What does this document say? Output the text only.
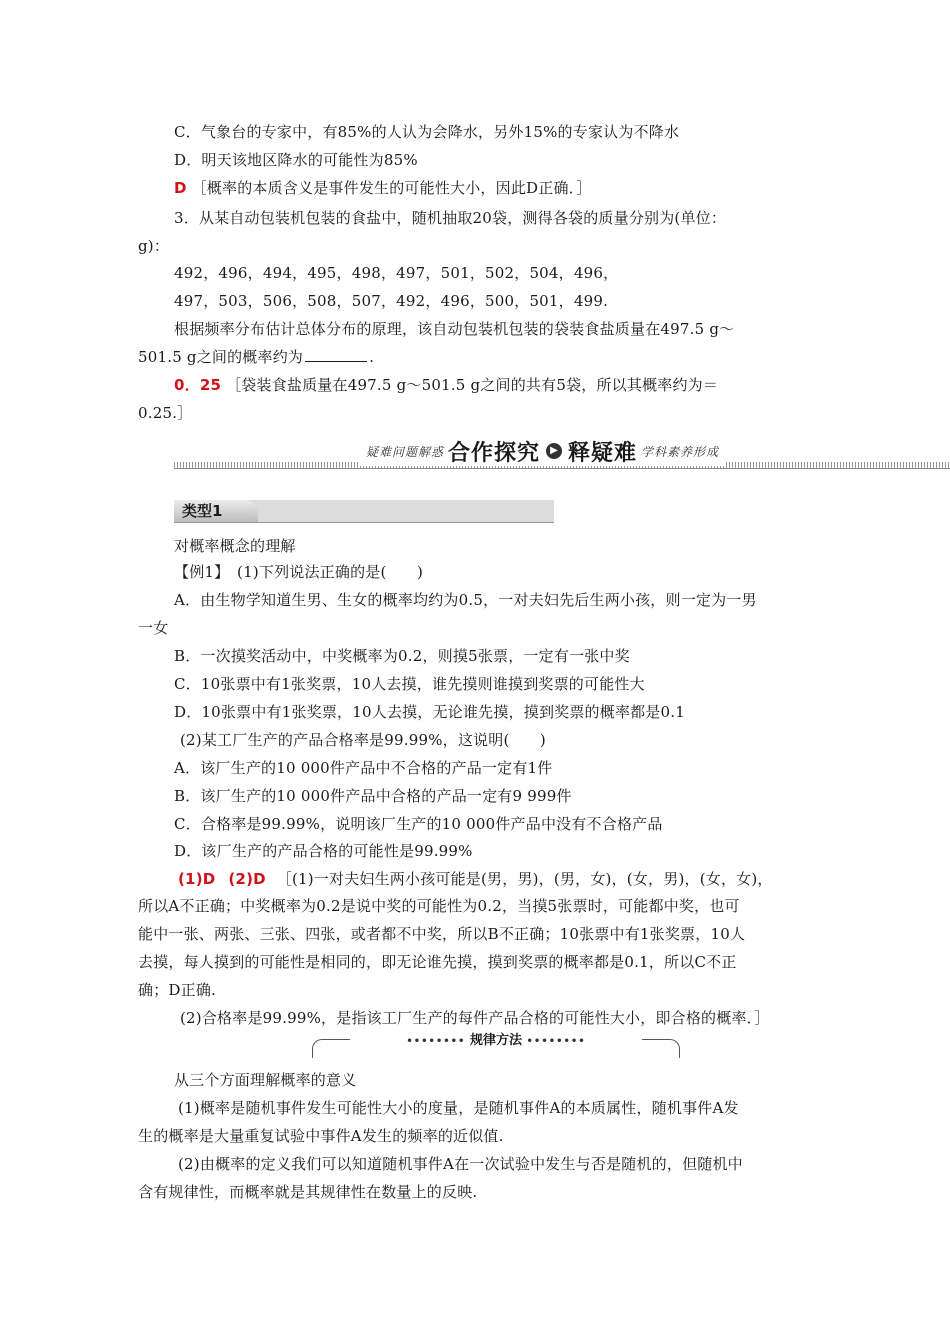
C．气象台的专家中，有85%的人认为会降水，另外15%的专家认为不降水
D．明天该地区降水的可能性为85%
D ［概率的本质含义是事件发生的可能性大小，因此D正确．］
3．从某自动包装机包装的食盐中，随机抽取20袋，测得各袋的质量分别为(单位：
g)：
492，496，494，495，498，497，501，502，504，496，
497，503，506，508，507，492，496，500，501，499.
根据频率分布估计总体分布的原理，该自动包装机包装的袋装食盐质量在497.5 g～
501.5 g之间的概率约为	.
0．25 ［袋装食盐质量在497.5 g～501.5 g之间的共有5袋，所以其概率约为＝
0.25.］
疑难问题解惑 合作探究	▶ 释疑难 学科素养形成
类型1
对概率概念的理解
【例1】　(1)下列说法正确的是(　　)
A．由生物学知道生男、生女的概率均约为0.5，一对夫妇先后生两小孩，则一定为一男
一女
B．一次摸奖活动中，中奖概率为0.2，则摸5张票，一定有一张中奖
C．10张票中有1张奖票，10人去摸，谁先摸则谁摸到奖票的可能性大
D．10张票中有1张奖票，10人去摸，无论谁先摸，摸到奖票的概率都是0.1
(2)某工厂生产的产品合格率是99.99%，这说明(　　)
A．该厂生产的10 000件产品中不合格的产品一定有1件
B．该厂生产的10 000件产品中合格的产品一定有9 999件
C．合格率是99.99%，说明该厂生产的10 000件产品中没有不合格产品
D．该厂生产的产品合格的可能性是99.99%
(1)D (2)D ［(1)一对夫妇生两小孩可能是(男，男)，(男，女)，(女，男)，(女，女)，
所以A不正确；中奖概率为0.2是说中奖的可能性为0.2，当摸5张票时，可能都中奖，也可
能中一张、两张、三张、四张，或者都不中奖，所以B不正确；10张票中有1张奖票，10人
去摸，每人摸到的可能性是相同的，即无论谁先摸，摸到奖票的概率都是0.1，所以C不正
确；D正确.
(2)合格率是99.99%，是指该工厂生产的每件产品合格的可能性大小，即合格的概率．］
•••••••• 规律方法 ••••••••
从三个方面理解概率的意义
(1)概率是随机事件发生可能性大小的度量，是随机事件A的本质属性，随机事件A发
生的概率是大量重复试验中事件A发生的频率的近似值.
(2)由概率的定义我们可以知道随机事件A在一次试验中发生与否是随机的，但随机中
含有规律性，而概率就是其规律性在数量上的反映.
